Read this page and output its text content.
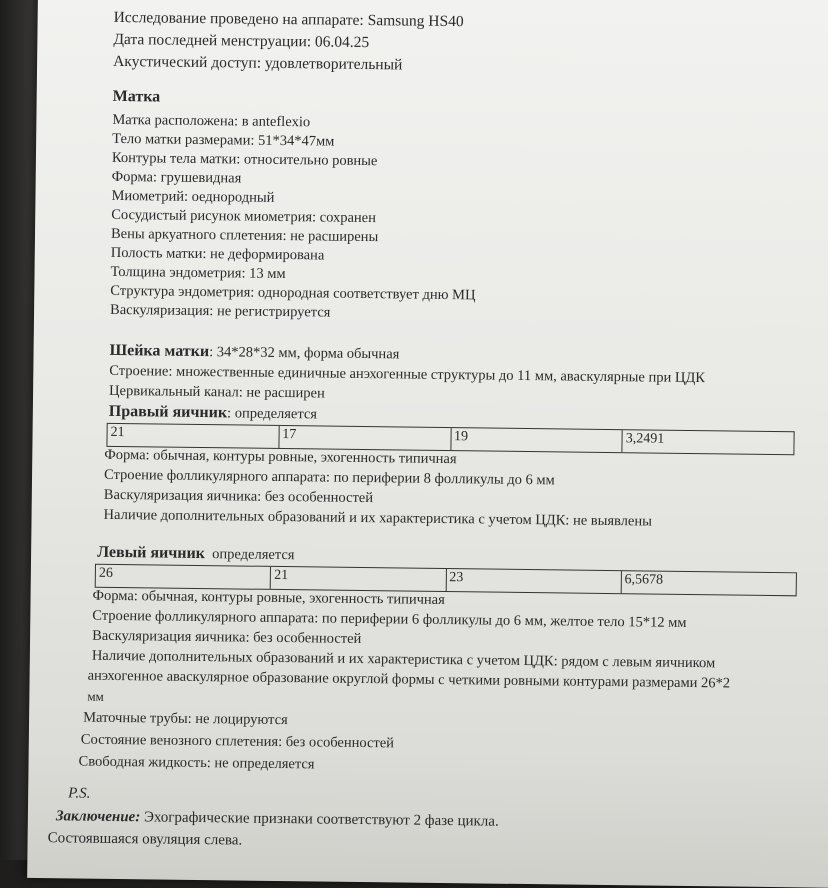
Исследование проведено на аппарате: Samsung HS40
Дата последней менструации: 06.04.25
Акустический доступ: удовлетворительный
Матка
Матка расположена: в anteflexio
Тело матки размерами: 51*34*47мм
Контуры тела матки: относительно ровные
Форма: грушевидная
Миометрий: оеднородный
Сосудистый рисунок миометрия: сохранен
Вены аркуатного сплетения: не расширены
Полость матки: не деформирована
Толщина эндометрия: 13 мм
Структура эндометрия: однородная соответствует дню МЦ
Васкуляризация: не регистрируется
Шейка матки: 34*28*32 мм, форма обычная
Строение: множественные единичные анэхогенные структуры до 11 мм, аваскулярные при ЦДК
Цервикальный канал: не расширен
Правый яичник: определяется
21	17	19	3,2491
Форма: обычная, контуры ровные, эхогенность типичная
Строение фолликулярного аппарата: по периферии 8 фолликулы до 6 мм
Васкуляризация яичника: без особенностей
Наличие дополнительных образований и их характеристика с учетом ЦДК: не выявлены
Левый яичник определяется
26	21	23	6,5678
Форма: обычная, контуры ровные, эхогенность типичная
Строение фолликулярного аппарата: по периферии 6 фолликулы до 6 мм, желтое тело 15*12 мм
Васкуляризация яичника: без особенностей
Наличие дополнительных образований и их характеристика с учетом ЦДК: рядом с левым яичником
анэхогенное аваскулярное образование округлой формы с четкими ровными контурами размерами 26*2
мм
Маточные трубы: не лоцируются
Состояние венозного сплетения: без особенностей
Свободная жидкость: не определяется
P.S.
Заключение: Эхографические признаки соответствуют 2 фазе цикла.
Состоявшаяся овуляция слева.
